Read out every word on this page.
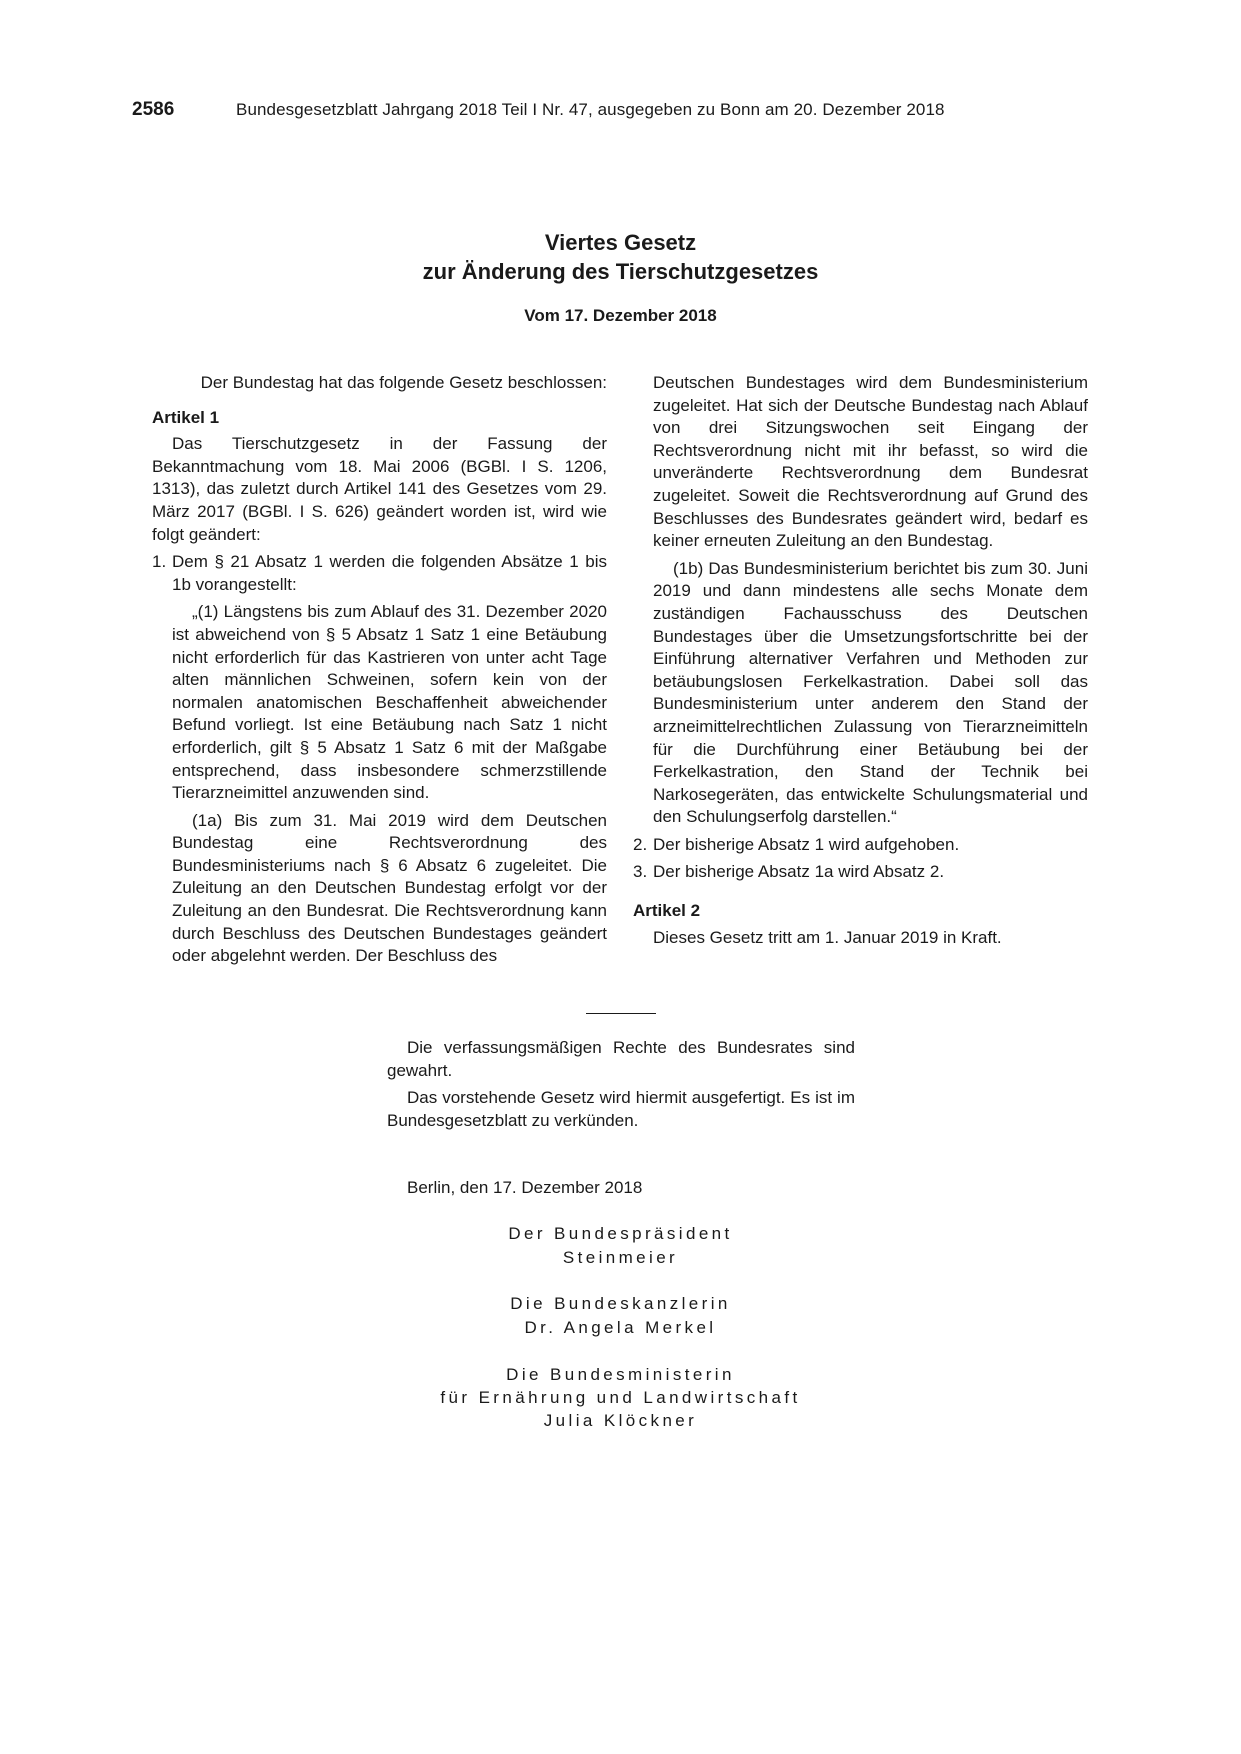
2586	Bundesgesetzblatt Jahrgang 2018 Teil I Nr. 47, ausgegeben zu Bonn am 20. Dezember 2018
Viertes Gesetz
zur Änderung des Tierschutzgesetzes
Vom 17. Dezember 2018

Der Bundestag hat das folgende Gesetz beschlossen:

Artikel 1

Das Tierschutzgesetz in der Fassung der Bekanntmachung vom 18. Mai 2006 (BGBl. I S. 1206, 1313), das zuletzt durch Artikel 141 des Gesetzes vom 29. März 2017 (BGBl. I S. 626) geändert worden ist, wird wie folgt geändert:

1. Dem § 21 Absatz 1 werden die folgenden Absätze 1 bis 1b vorangestellt:

„(1) Längstens bis zum Ablauf des 31. Dezember 2020 ist abweichend von § 5 Absatz 1 Satz 1 eine Betäubung nicht erforderlich für das Kastrieren von unter acht Tage alten männlichen Schweinen, sofern kein von der normalen anatomischen Beschaffenheit abweichender Befund vorliegt. Ist eine Betäubung nach Satz 1 nicht erforderlich, gilt § 5 Absatz 1 Satz 6 mit der Maßgabe entsprechend, dass insbesondere schmerzstillende Tierarzneimittel anzuwenden sind.

(1a) Bis zum 31. Mai 2019 wird dem Deutschen Bundestag eine Rechtsverordnung des Bundesministeriums nach § 6 Absatz 6 zugeleitet. Die Zuleitung an den Deutschen Bundestag erfolgt vor der Zuleitung an den Bundesrat. Die Rechtsverordnung kann durch Beschluss des Deutschen Bundestages geändert oder abgelehnt werden. Der Beschluss des

Deutschen Bundestages wird dem Bundesministerium zugeleitet. Hat sich der Deutsche Bundestag nach Ablauf von drei Sitzungswochen seit Eingang der Rechtsverordnung nicht mit ihr befasst, so wird die unveränderte Rechtsverordnung dem Bundesrat zugeleitet. Soweit die Rechtsverordnung auf Grund des Beschlusses des Bundesrates geändert wird, bedarf es keiner erneuten Zuleitung an den Bundestag.

(1b) Das Bundesministerium berichtet bis zum 30. Juni 2019 und dann mindestens alle sechs Monate dem zuständigen Fachausschuss des Deutschen Bundestages über die Umsetzungsfortschritte bei der Einführung alternativer Verfahren und Methoden zur betäubungslosen Ferkelkastration. Dabei soll das Bundesministerium unter anderem den Stand der arzneimittelrechtlichen Zulassung von Tierarzneimitteln für die Durchführung einer Betäubung bei der Ferkelkastration, den Stand der Technik bei Narkosegeräten, das entwickelte Schulungsmaterial und den Schulungserfolg darstellen.“

2. Der bisherige Absatz 1 wird aufgehoben.

3. Der bisherige Absatz 1a wird Absatz 2.

Artikel 2

Dieses Gesetz tritt am 1. Januar 2019 in Kraft.

Die verfassungsmäßigen Rechte des Bundesrates sind gewahrt.

Das vorstehende Gesetz wird hiermit ausgefertigt. Es ist im Bundesgesetzblatt zu verkünden.

Berlin, den 17. Dezember 2018
Der Bundespräsident
Steinmeier
Die Bundeskanzlerin
Dr. Angela Merkel
Die Bundesministerin
für Ernährung und Landwirtschaft
Julia Klöckner
